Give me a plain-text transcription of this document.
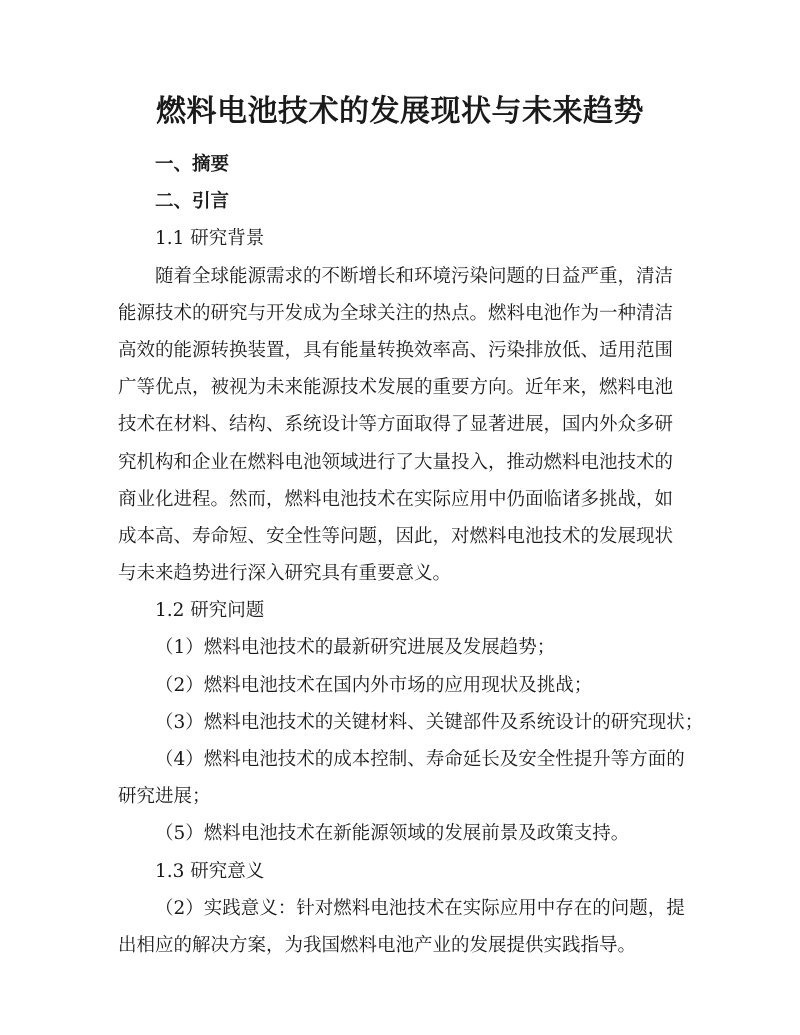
燃料电池技术的发展现状与未来趋势
一、摘要
二、引言
1.1 研究背景
随着全球能源需求的不断增长和环境污染问题的日益严重，清洁
能源技术的研究与开发成为全球关注的热点。燃料电池作为一种清洁
高效的能源转换装置，具有能量转换效率高、污染排放低、适用范围
广等优点，被视为未来能源技术发展的重要方向。近年来，燃料电池
技术在材料、结构、系统设计等方面取得了显著进展，国内外众多研
究机构和企业在燃料电池领域进行了大量投入，推动燃料电池技术的
商业化进程。然而，燃料电池技术在实际应用中仍面临诸多挑战，如
成本高、寿命短、安全性等问题，因此，对燃料电池技术的发展现状
与未来趋势进行深入研究具有重要意义。
1.2 研究问题
（1）燃料电池技术的最新研究进展及发展趋势；
（2）燃料电池技术在国内外市场的应用现状及挑战；
（3）燃料电池技术的关键材料、关键部件及系统设计的研究现状；
（4）燃料电池技术的成本控制、寿命延长及安全性提升等方面的
研究进展；
（5）燃料电池技术在新能源领域的发展前景及政策支持。
1.3 研究意义
（2）实践意义：针对燃料电池技术在实际应用中存在的问题，提
出相应的解决方案，为我国燃料电池产业的发展提供实践指导。
